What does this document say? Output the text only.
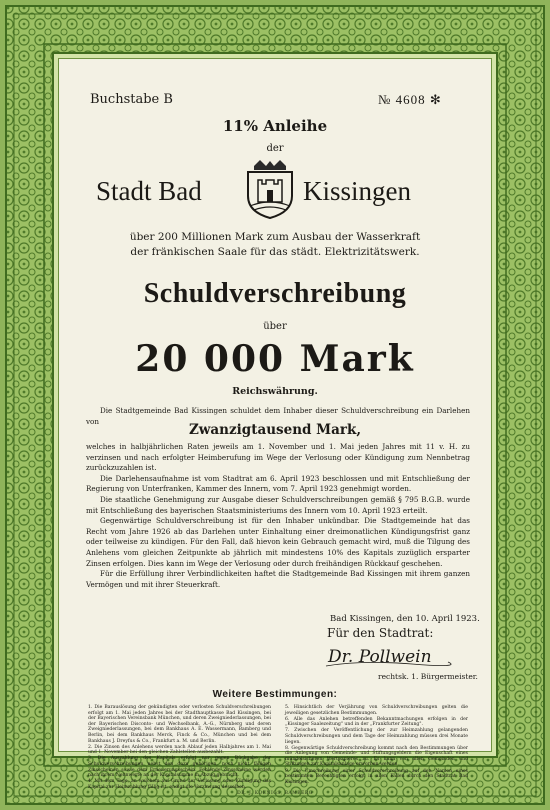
Buchstabe B	№ 4608 ✻
11% Anleihe
der
Stadt Bad	Kissingen
über 200 Millionen Mark zum Ausbau der Wasserkraft
der fränkischen Saale für das städt. Elektrizitätswerk.
Schuldverschreibung
über
20 000 Mark
Reichswährung.

Die Stadtgemeinde Bad Kissingen schuldet dem Inhaber dieser Schuldverschreibung ein Darlehen von

Zwanzigtausend Mark,

welches in halbjährlichen Raten jeweils am 1. November und 1. Mai jeden Jahres mit 11 v. H. zu verzinsen und nach erfolgter Heimberufung im Wege der Verlosung oder Kündigung zum Nennbetrag zurückzuzahlen ist.

Die Darlehensaufnahme ist vom Stadtrat am 6. April 1923 beschlossen und mit Entschließung der Regierung von Unterfranken, Kammer des Innern, vom 7. April 1923 genehmigt worden.

Die staatliche Genehmigung zur Ausgabe dieser Schuldverschreibungen gemäß § 795 B.G.B. wurde mit Entschließung des bayerischen Staatsministeriums des Innern vom 10. April 1923 erteilt.

Gegenwärtige Schuldverschreibung ist für den Inhaber unkündbar. Die Stadtgemeinde hat das Recht vom Jahre 1926 ab das Darlehen unter Einhaltung einer dreimonatlichen Kündigungsfrist ganz oder teilweise zu kündigen. Für den Fall, daß hievon kein Gebrauch gemacht wird, muß die Tilgung des Anlehens vom gleichen Zeitpunkte ab jährlich mit mindestens 10% des Kapitals zuzüglich ersparter Zinsen erfolgen. Dies kann im Wege der Verlosung oder durch freihändigen Rückkauf geschehen.

Für die Erfüllung ihrer Verbindlichkeiten haftet die Stadtgemeinde Bad Kissingen mit ihrem ganzen Vermögen und mit ihrer Steuerkraft.

Bad Kissingen, den 10. April 1923.
Für den Stadtrat:
Dr. Pollwein
rechtsk. 1. Bürgermeister.
Weitere Bestimmungen:

1. Die Barauslösung der gekündigten oder verlosten Schuldverschreibungen erfolgt am 1. Mai jeden Jahres bei der Stadthauptkasse Bad Kissingen, bei der Bayerischen Vereinsbank München, und deren Zweigniederlassungen, bei der Bayerischen Disconto- und Wechselbank, A.-G., Nürnberg und deren Zweigniederlassungen, bei dem Bankhaus A. E. Wassermann, Bamberg und Berlin, bei dem Bankhaus Merck, Finck & Co., München und bei dem Bankhaus J. Dreyfus & Co., Frankfurt a. M. und Berlin.

2. Die Zinsen des Anlehens werden nach Ablauf jeden Halbjahres am 1. Mai und 1. November bei den gleichen Zahlstellen ausbezahlt.

3. Die Auszahlung des Kapitals erfolgt nur gegen Rückgabe der Schuldverschreibungen nebst den dazu gehörigen, noch nicht fälligen Zinsscheinen sowie dem Erneuerungsschein. Fehlende Zinsscheine werden nach ihrem Nennwerte an der Kapitalsumme in Abzug gebracht.

4. Mit dem Tage, an welchem auf Grund der Verlosung oder Kündigung das Kapital zur Heimzahlung fällig ist, endigt die Verzinsung desselben.

5. Hinsichtlich der Verjährung von Schuldverschreibungen gelten die jeweiligen gesetzlichen Bestimmungen.

6. Alle das Anlehen betreffenden Bekanntmachungen erfolgen in der „Kissinger Saalezeitung" und in der „Frankfurter Zeitung".

7. Zwischen der Veröffentlichung der zur Heimzahlung gelangenden Schuldverschreibungen und dem Tage der Heimzahlung müssen drei Monate liegen.

8. Gegenwärtige Schuldverschreibung kommt nach den Bestimmungen über die Anlegung von Gemeinde- und Stiftungsgeldern die Eigenschaft eines mündelsicheren Wertpapieres zu. Es kann von allen Gemeinden und Stiftungen zur Kapitalsanlage erworben werden.

9. Die Umschreibung einer Schuldverschreibung auf den Namen eines bestimmten Berechtigten erfolgt in allen Fällen durch den Stadtrat Bad Kissingen.

DR. J. KOENIGS, BAMBERG
